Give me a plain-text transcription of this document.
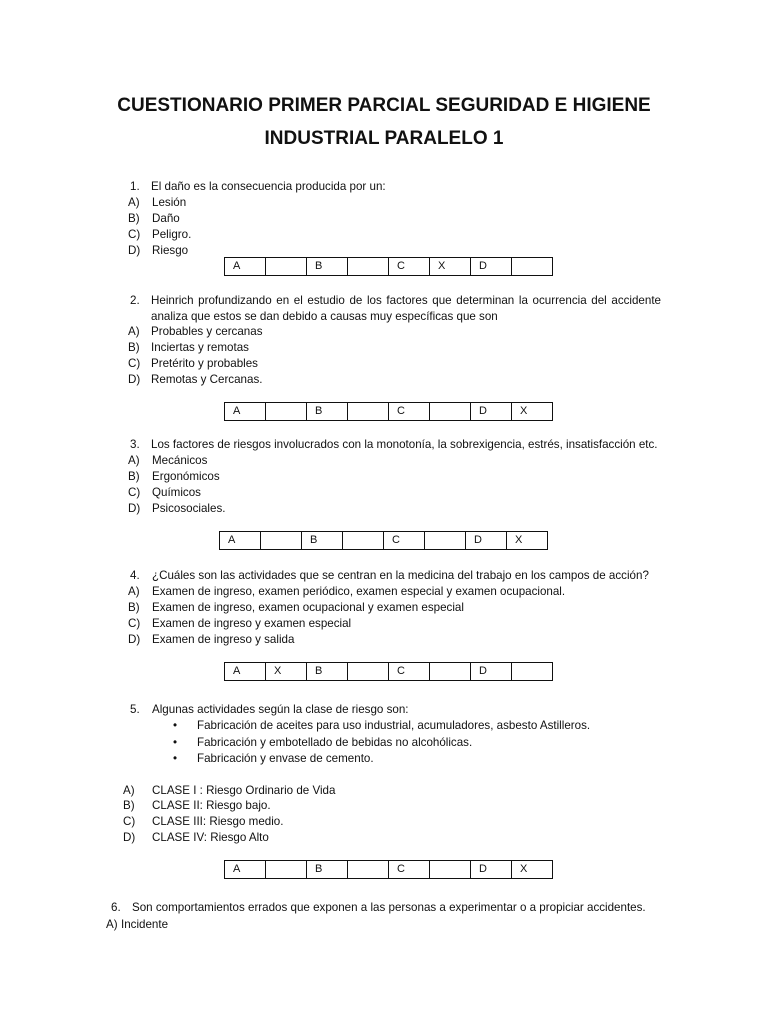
CUESTIONARIO PRIMER PARCIAL SEGURIDAD E HIGIENE
INDUSTRIAL PARALELO 1
1. El daño es la consecuencia producida por un:
A) Lesión
B) Daño
C) Peligro.
D) Riesgo
A		B		C	X	D	
2. Heinrich profundizando en el estudio de los factores que determinan la ocurrencia del accidente
analiza que estos se dan debido a causas muy específicas que son
A) Probables y cercanas
B) Inciertas y remotas
C) Pretérito y probables
D) Remotas y Cercanas.
A		B		C		D	X
3. Los factores de riesgos involucrados con la monotonía, la sobrexigencia, estrés, insatisfacción etc.
A) Mecánicos
B) Ergonómicos
C) Químicos
D) Psicosociales.
A		B		C		D	X
4. ¿Cuáles son las actividades que se centran en la medicina del trabajo en los campos de acción?
A) Examen de ingreso, examen periódico, examen especial y examen ocupacional.
B) Examen de ingreso, examen ocupacional y examen especial
C) Examen de ingreso y examen especial
D) Examen de ingreso y salida
A	X	B		C		D	
5. Algunas actividades según la clase de riesgo son:
• Fabricación de aceites para uso industrial, acumuladores, asbesto Astilleros.
• Fabricación y embotellado de bebidas no alcohólicas.
• Fabricación y envase de cemento.
A) CLASE I : Riesgo Ordinario de Vida
B) CLASE II: Riesgo bajo.
C) CLASE III: Riesgo medio.
D) CLASE IV: Riesgo Alto
A		B		C		D	X
6. Son comportamientos errados que exponen a las personas a experimentar o a propiciar accidentes.
A) Incidente
